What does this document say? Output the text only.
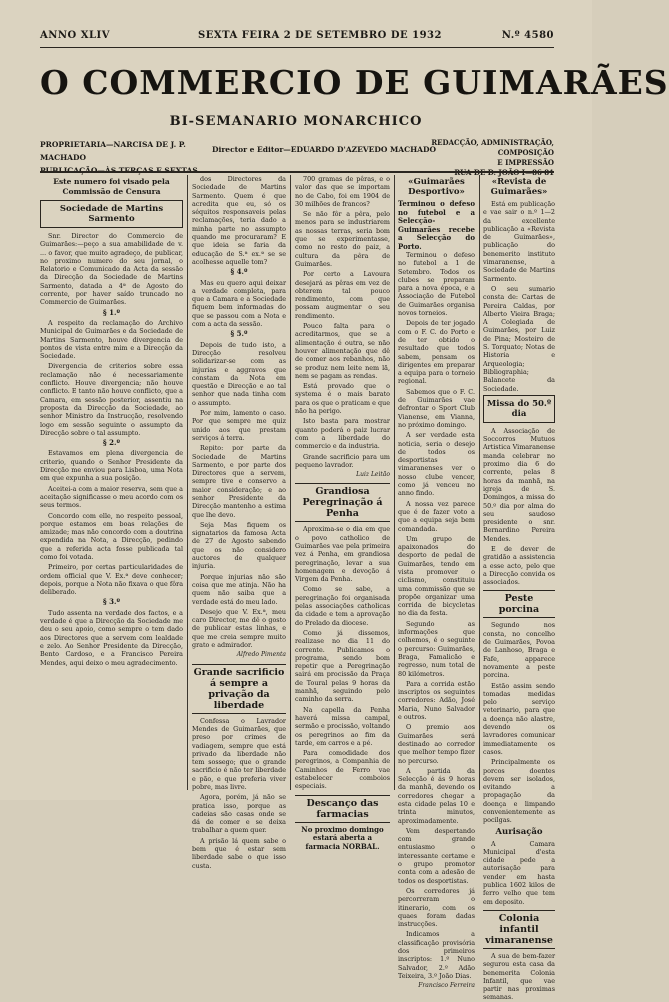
ANNO XLIV	SEXTA FEIRA 2 DE SETEMBRO DE 1932	N.º 4580
O COMMERCIO DE GUIMARÃES
BI-SEMANARIO MONARCHICO
PROPRIETARIA—NARCISA DE J. P. MACHADO
PUBLICAÇÃO—ÀS TERÇAS E SEXTAS
Director e Editor—EDUARDO D'AZEVEDO MACHADO
REDACÇÃO, ADMINISTRAÇÃO, COMPOSIÇÃO
E IMPRESSÃO
RUA DE D. JOÃO I—86 81
Este numero foi visado pela Commissão de Censura
Sociedade de Martins Sarmento

Snr. Director do Commercio de Guimarães:—peço a sua amabilidade de v. ... o favor, que muito agradeço, de publicar, no proximo numero do seu jornal, o Relatorio e Comunicado da Acta da sessão da Direcção da Sociedade de Martins Sarmento, datada a 4ª de Agosto do corrente, por haver saído truncado no Commercio de Guimarães.

§ 1.º

A respeito da reclamação do Archivo Municipal de Guimarães e da Sociedade de Martins Sarmento, houve divergencia de pontos de vista entre mim e a Direcção da Sociedade.

Divergencia de criterios sobre essa reclamação não é necessariamente conflicto. Houve divergencia; não houve conflicto. E tanto não houve conflicto, que a Camara, em sessão posterior, assentiu na proposta da Direcção da Sociedade, ao senhor Ministro da Instrucção, resolvendo logo em sessão seguinte o assumpto da Direcção sobre o tal assumpto.

§ 2.º

Estavamos em plena divergencia de criterio, quando o Senhor Presidente da Direcção me enviou para Lisboa, uma Nota em que expunha a sua posição.

Aceitei-a com a maior reserva, sem que a aceitação significasse o meu acordo com os seus termos.

Concordo com elle, no respeito pessoal, porque estamos em boas relações de amizade; mas não concordo com a doutrina expendida na Nota, a Direcção, pedindo que a referida acta fosse publicada tal como foi votada.

Primeiro, por certas particularidades de ordem official que V. Ex.ª deve conhecer; depois, porque a Nota não fixava o que fôra deliberado.

§ 3.º

Tudo assenta na verdade dos factos, e a verdade é que a Direcção da Sociedade me deu o seu apoio, como sempre o tem dado aos Directores que a servem com lealdade e zelo. Ao Senhor Presidente da Direcção, Bento Cardoso, e a Francisco Pereira Mendes, aqui deixo o meu agradecimento.

dos Directores da Sociedade de Martins Sarmento. Quem é que acredita que eu, só os séquitos responsaveis pelas reclamações, teria dado a minha parte no assumpto quando me procuraram? E que ideia se faria da educação de S.ª ex.ª se se acolhesse aquelle tom?

§ 4.º

Mas eu quero aqui deixar a verdade completa, para que a Camara e a Sociedade fiquem bem informadas do que se passou com a Nota e com a acta da sessão.

§ 5.º

Depois de tudo isto, a Direcção resolveu solidarizar-se com as injurias e aggravos que constam da Nota em questão e Direcção e ao tal senhor que nada tinha com o assumpto.

Por mim, lamento o caso. Por que sempre me quiz unido aos que prestam serviços á terra.

Repito: por parte da Sociedade de Martins Sarmento, e por parte dos Directores que a servem, sempre tive e conservo a maior consideração; e ao senhor Presidente da Direcção mantenho a estima que lhe devo.

Seja Mas fiquem os signatarios da famosa Acta de 27 de Agosto sabendo que os não considero auctores de qualquer injuria.

Porque injurias não são coisa que me atinja. Não ha quem não saiba que a verdade está do meu lado.

Desejo que V. Ex.ª, meu caro Director, me dê o gosto de publicar estas linhas, e que me creia sempre muito grato e admirador.

Alfredo Pimenta
Grande sacrificio á sempre a privação da liberdade

Confessa o Lavrador Mendes de Guimarães, que preso por crimes de vadiagem, sempre que está privado da liberdade não tem sossego; que o grande sacrificio é não ter liberdade e pão, e que preferia viver pobre, mas livre.

Agora, porém, já não se pratica isso, porque as cadeias são casas onde se dá de comer e se deixa trabalhar a quem quer.

A prisão lá quem sabe o bem que é estar sem liberdade sabe o que isso custa.

700 gramas de pêras, e o valor das que se importam no de Cabo, foi em 1904 de 30 milhões de francos?

Se não fôr a pêra, pelo menos para se industriarem as nossas terras, seria bom que se experimentasse, como no resto do paiz, a cultura da pêra de Guimarães.

Por certo a Lavoura desejará as pêras em vez de obterem tal pouco rendimento, com que possam augmentar o seu rendimento.

Pouco falta para o acreditarmos, que se a alimentação é outra, se não houver alimentação que dê de comer aos rebanhos, não se produz nem leite nem lã, nem se pagam as rendas.

Está provado que o systema é o mais barato para os que o praticam e que não ha perigo.

Isto basta para mostrar quanto poderá o paiz lucrar com a liberdade do commercio e da industria.

Grande sacrificio para um pequeno lavrador.

Luiz Leitão
Grandiosa Peregrinação á Penha

Aproxima-se o dia em que o povo catholico de Guimarães vae pela primeira vez á Penha, em grandiosa peregrinação, levar a sua homenagem e devoção á Virgem da Penha.

Como se sabe, a peregrinação foi organisada pelas associações catholicas da cidade e tem a aprovação do Prelado da diocese.

Como já dissemos, realizase no dia 11 do corrente. Publicamos o programa, sendo bom repetir que a Peregrinação sairá em procissão da Praça de Toural pelas 9 horas da manhã, seguindo pelo caminho da serra.

Na capella da Penha haverá missa campal, sermão e procissão, voltando os peregrinos ao fim da tarde, em carros e a pé.

Para comodidade dos peregrinos, a Companhia de Caminhos de Ferro vae estabelecer comboios especiais.

Descanço das farmacias
No proximo domingo estará aberta a farmacia NORBAL.
«Guimarães Desportivo»
Terminou o defeso no futebol e a Selecção-Guimarães recebe a Selecção do Porto.

Terminou o defeso no futebol a 1 de Setembro. Todos os clubes se preparam para a nova época, e a Associação de Futebol de Guimarães organisa novos torneios.

Depois de ter jogado com o F. C. do Porto e de ter obtido o resultado que todos sabem, pensam os dirigentes em preparar a equipa para o torneio regional.

Sabemos que o F. C. de Guimarães vae defrontar o Sport Club Vianense, em Vianna, no próximo domingo.

A ser verdade esta noticia, seria o desejo de todos os desportistas vimaranenses ver o nosso clube vencer, como já venceu no anno findo.

A nossa vez parece que é de fazer voto a que a equipa seja bem comandada.

Um grupo de apaixonados do desporto de pedal de Guimarães, tendo em vista promover o ciclismo, constituiu uma commissão que se propõe organizar uma corrida de bicycletas no dia da festa.

Segundo as informações que colhemos, é o seguinte o percurso: Guimarães, Braga, Famalicão e regresso, num total de 80 kilómetros.

Para a corrida estão inscriptos os seguintes corredores: Adão, José Maria, Nuno Salvador e outros.

O premio aos Guimarães será destinado ao corredor que melhor tempo fizer no percurso.

A partida da Selecção é ás 9 horas da manhã, devendo os corredores chegar a esta cidade pelas 10 e trinta minutos, aproximadamente.

Vem despertando com grande entusiasmo o interessante certame e o grupo promotor conta com a adesão de todos os desportistas.

Os corredores já percorreram o itinerario, com os quaes foram dadas instrucções.

Indicamos a classificação provisória dos primeiros inscriptos: 1.º Nuno Salvador, 2.º Adão Teixeira, 3.º João Dias.

Francisco Ferreira
«Revista de Guimarães»

Está em publicação e vae sair o n.º 1—2 da excellente publicação a «Revista de Guimarães», publicação do benemerito instituto vimaranense, a Sociedade de Martins Sarmento.

O seu sumario consta de: Cartas de Pereira Caldas, por Alberto Vieira Braga; A Colegiada de Guimarães, por Luiz de Pina; Mosteiro de S. Torquato; Notas de Historia e Arqueologia; Bibliographia; Balancete da Sociedade.

Missa do 50.º dia

A Associação de Soccorros Mutuos Artistica Vimaranense manda celebrar no proximo dia 6 do corrente, pelas 8 horas da manhã, na igreja de S. Domingos, a missa do 50.º dia por alma do seu saudoso presidente o snr. Bernardino Pereira Mendes.

E de dever de gratidão a assistencia a esse acto, pelo que a Direcção convida os associados.

Peste porcina

Segundo nos consta, no concelho de Guimarães, Povoa de Lanhoso, Braga e Fafe, apparece novamente a peste porcina.

Estão assim sendo tomadas medidas pelo serviço veterinario, para que a doença não alastre, devendo os lavradores comunicar immediatamente os casos.

Principalmente os porcos doentes devem ser isolados, evitando a propagação da doença e limpando convenientemente as pocilgas.

Aurisação

A Camara Municipal d'esta cidade pede a autorisação para vender em hasta publica 1602 kilos de ferro velho que tem em deposito.

Colonia infantil vimaranense

A sua de bem-fazer segurou esta casa da benemerita Colonia Infantil, que vae partir nas proximas semanas.
